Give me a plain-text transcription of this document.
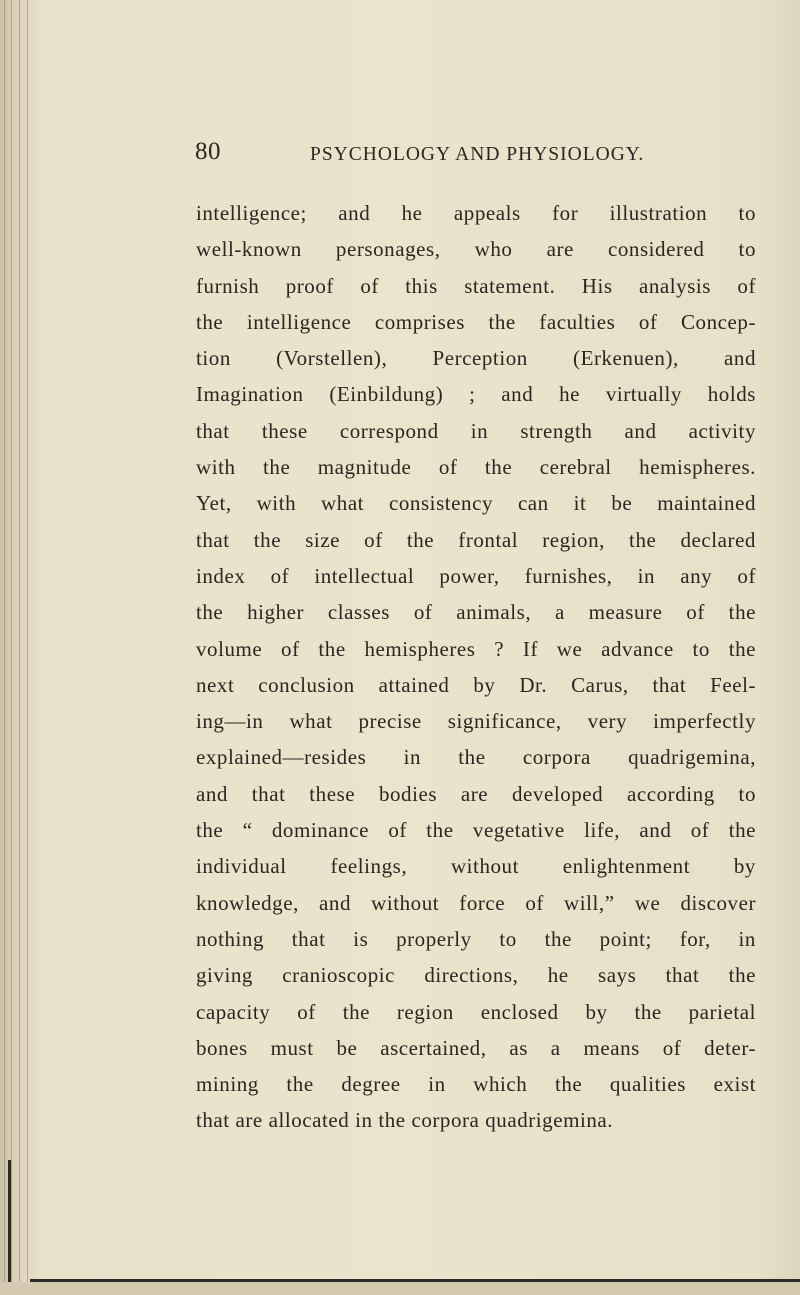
80	PSYCHOLOGY AND PHYSIOLOGY.
intelligence; and he appeals for illustration to
well-known personages, who are considered to
furnish proof of this statement. His analysis of
the intelligence comprises the faculties of Concep-
tion (Vorstellen), Perception (Erkenuen), and
Imagination (Einbildung) ; and he virtually holds
that these correspond in strength and activity
with the magnitude of the cerebral hemispheres.
Yet, with what consistency can it be maintained
that the size of the frontal region, the declared
index of intellectual power, furnishes, in any of
the higher classes of animals, a measure of the
volume of the hemispheres ? If we advance to the
next conclusion attained by Dr. Carus, that Feel-
ing—in what precise significance, very imperfectly
explained—resides in the corpora quadrigemina,
and that these bodies are developed according to
the “ dominance of the vegetative life, and of the
individual feelings, without enlightenment by
knowledge, and without force of will,” we discover
nothing that is properly to the point; for, in
giving cranioscopic directions, he says that the
capacity of the region enclosed by the parietal
bones must be ascertained, as a means of deter-
mining the degree in which the qualities exist
that are allocated in the corpora quadrigemina.
